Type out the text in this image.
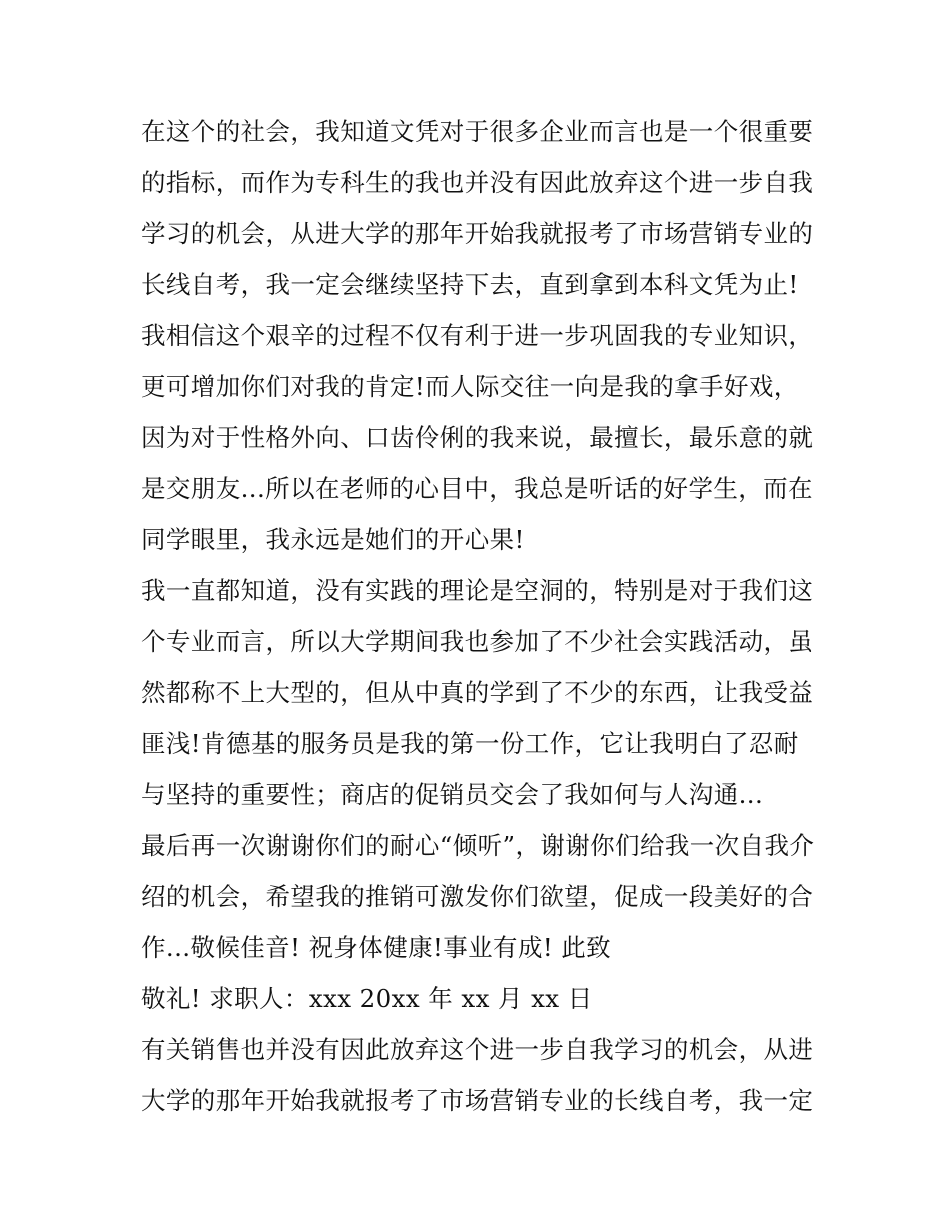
在这个的社会，我知道文凭对于很多企业而言也是一个很重要
的指标，而作为专科生的我也并没有因此放弃这个进一步自我
学习的机会，从进大学的那年开始我就报考了市场营销专业的
长线自考，我一定会继续坚持下去，直到拿到本科文凭为止!
我相信这个艰辛的过程不仅有利于进一步巩固我的专业知识，
更可增加你们对我的肯定!而人际交往一向是我的拿手好戏，
因为对于性格外向、口齿伶俐的我来说，最擅长，最乐意的就
是交朋友...所以在老师的心目中，我总是听话的好学生，而在
同学眼里，我永远是她们的开心果!
我一直都知道，没有实践的理论是空洞的，特别是对于我们这
个专业而言，所以大学期间我也参加了不少社会实践活动，虽
然都称不上大型的，但从中真的学到了不少的东西，让我受益
匪浅!肯德基的服务员是我的第一份工作，它让我明白了忍耐
与坚持的重要性；商店的促销员交会了我如何与人沟通...
最后再一次谢谢你们的耐心“倾听”，谢谢你们给我一次自我介
绍的机会，希望我的推销可激发你们欲望，促成一段美好的合
作...敬候佳音! 祝身体健康!事业有成! 此致
敬礼! 求职人：xxx 20xx 年 xx 月 xx 日
有关销售也并没有因此放弃这个进一步自我学习的机会，从进
大学的那年开始我就报考了市场营销专业的长线自考，我一定
